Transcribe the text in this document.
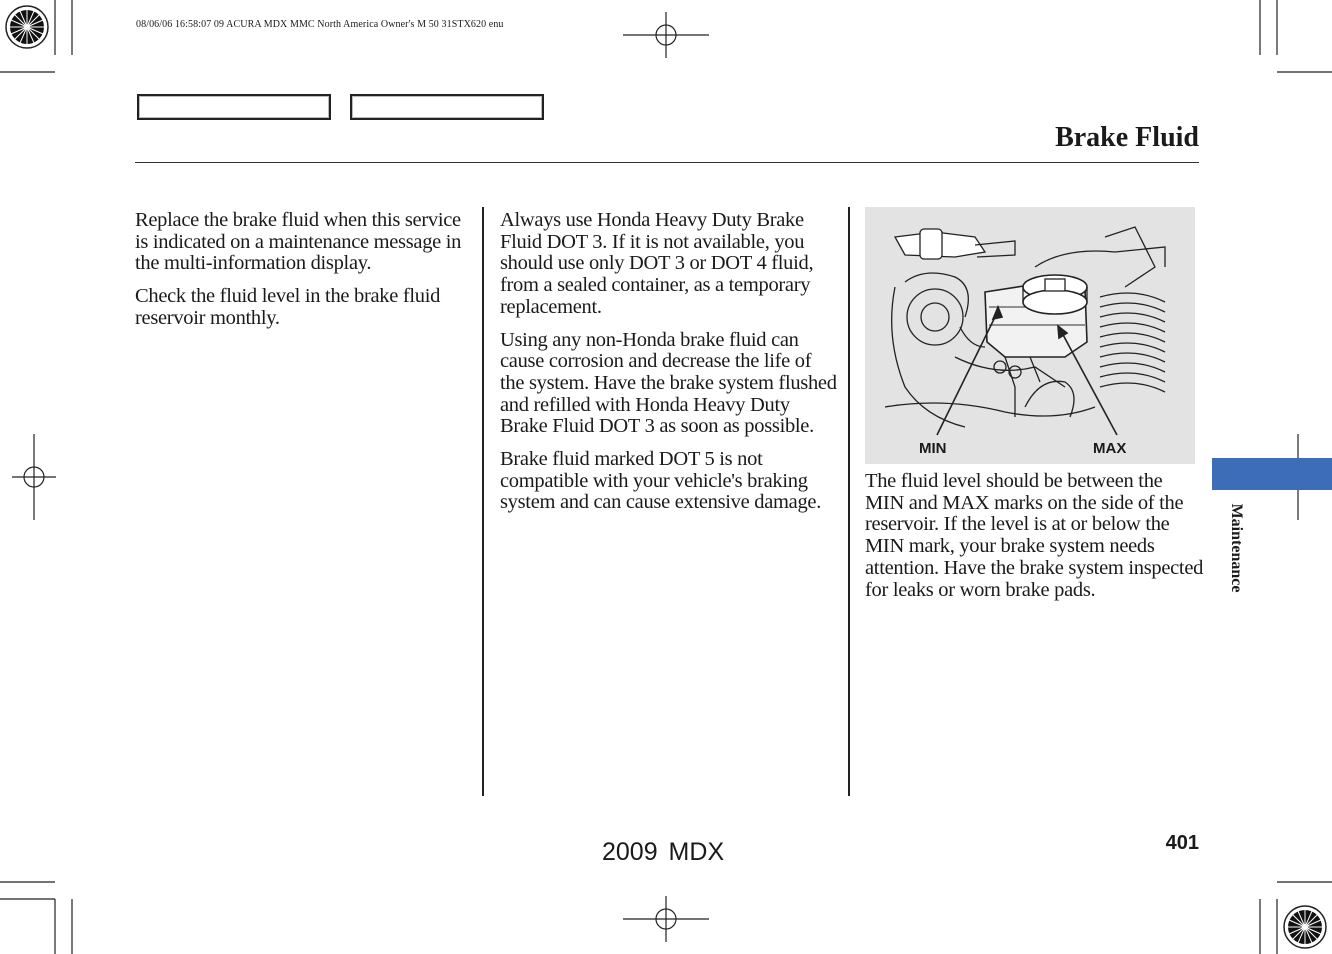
08/06/06 16:58:07 09 ACURA MDX MMC North America Owner's M 50 31STX620 enu
Brake Fluid

Replace the brake fluid when this service is indicated on a maintenance message in the multi-information display.

Check the fluid level in the brake fluid reservoir monthly.

Always use Honda Heavy Duty Brake Fluid DOT 3. If it is not available, you should use only DOT 3 or DOT 4 fluid, from a sealed container, as a temporary replacement.

Using any non-Honda brake fluid can cause corrosion and decrease the life of the system. Have the brake system flushed and refilled with Honda Heavy Duty Brake Fluid DOT 3 as soon as possible.

Brake fluid marked DOT 5 is not compatible with your vehicle's braking system and can cause extensive damage.

MIN	MAX

The fluid level should be between the MIN and MAX marks on the side of the reservoir. If the level is at or below the MIN mark, your brake system needs attention. Have the brake system inspected for leaks or worn brake pads.	Maintenance
401
2009 MDX
